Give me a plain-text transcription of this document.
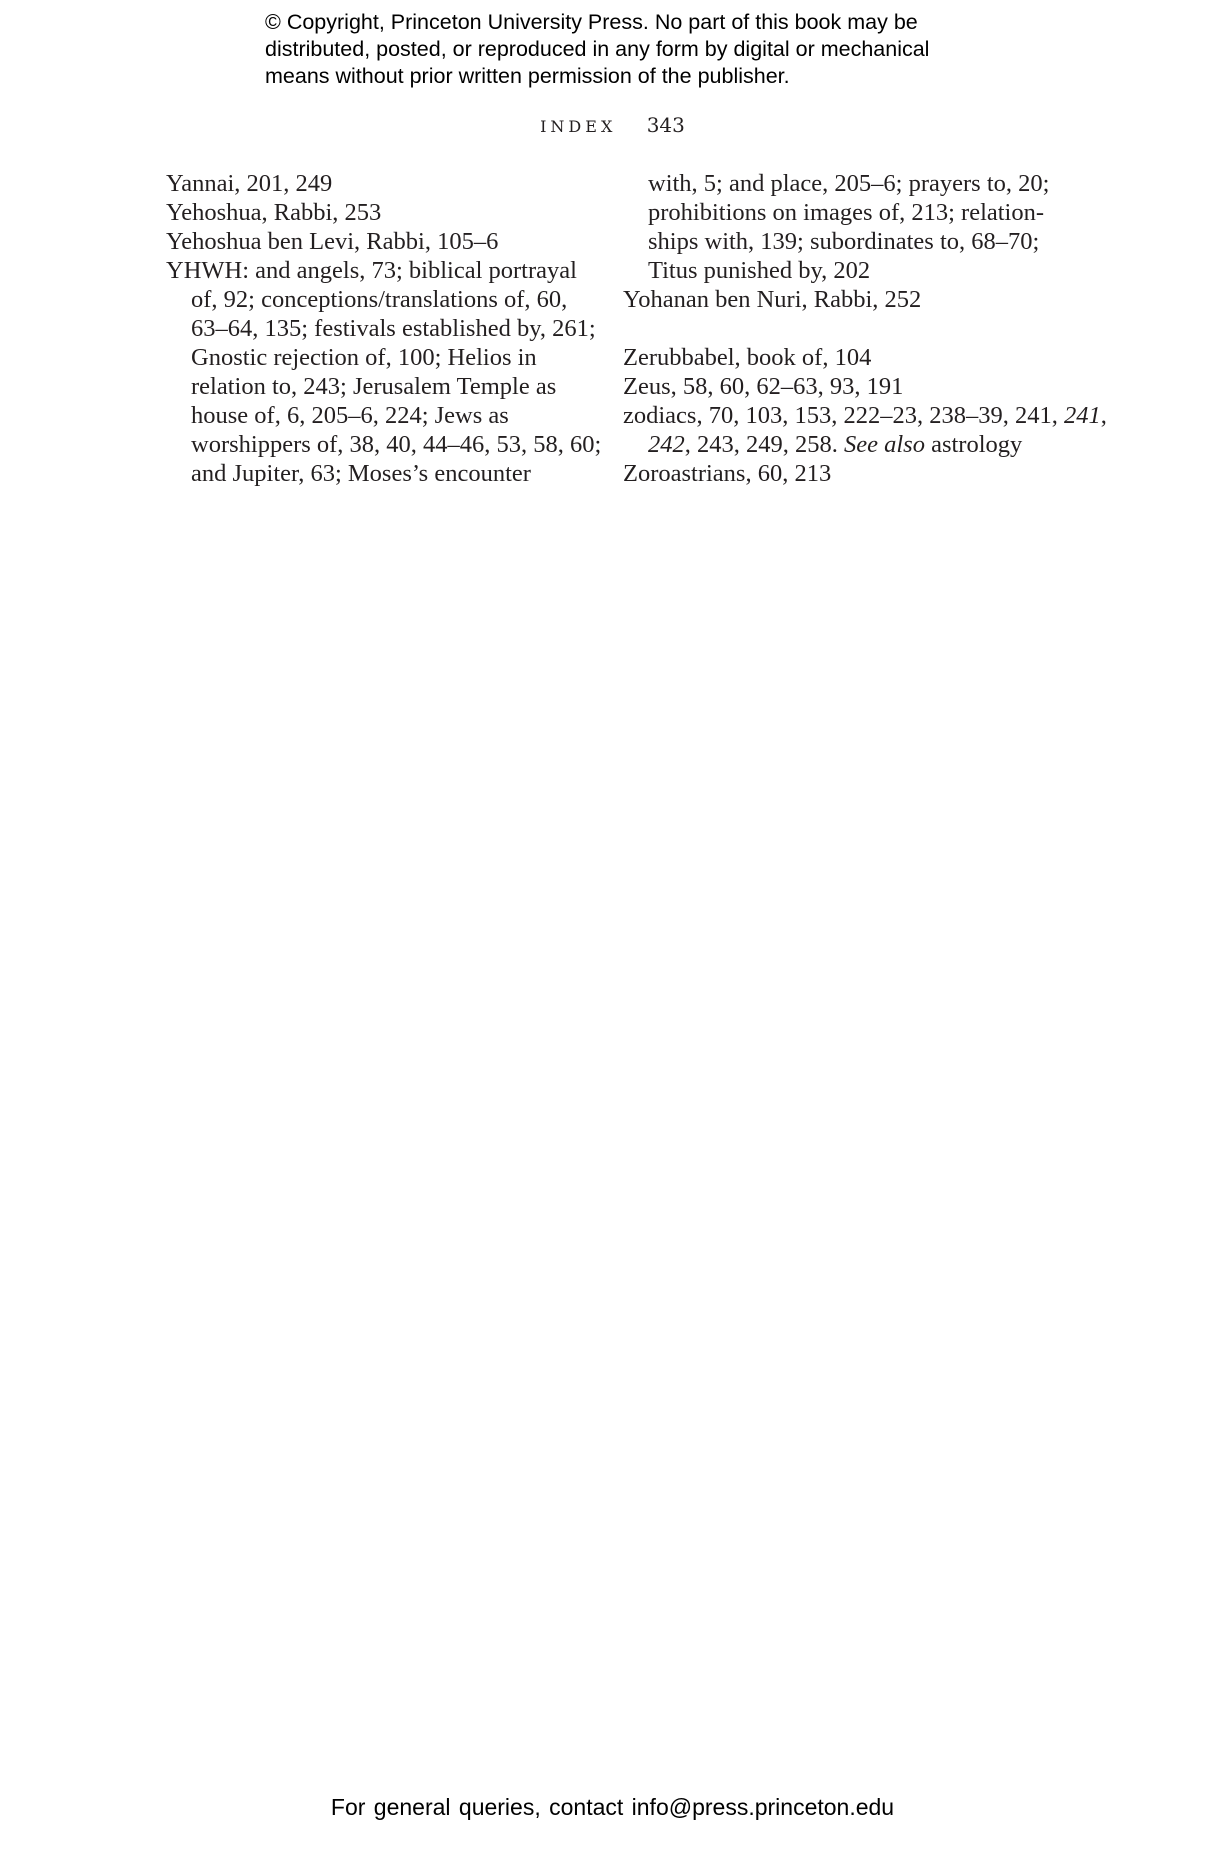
© Copyright, Princeton University Press. No part of this book may be
distributed, posted, or reproduced in any form by digital or mechanical
means without prior written permission of the publisher.
INDEX 343
Yannai, 201, 249
Yehoshua, Rabbi, 253
Yehoshua ben Levi, Rabbi, 105–6
YHWH: and angels, 73; biblical portrayal
of, 92; conceptions/translations of, 60,
63–64, 135; festivals established by, 261;
Gnostic rejection of, 100; Helios in
relation to, 243; Jerusalem Temple as
house of, 6, 205–6, 224; Jews as
worshippers of, 38, 40, 44–46, 53, 58, 60;
and Jupiter, 63; Moses’s encounter
with, 5; and place, 205–6; prayers to, 20;
prohibitions on images of, 213; relation-
ships with, 139; subordinates to, 68–70;
Titus punished by, 202
Yohanan ben Nuri, Rabbi, 252
Zerubbabel, book of, 104
Zeus, 58, 60, 62–63, 93, 191
zodiacs, 70, 103, 153, 222–23, 238–39, 241, 241,
242, 243, 249, 258. See also astrology
Zoroastrians, 60, 213
For general queries, contact info@press.princeton.edu
